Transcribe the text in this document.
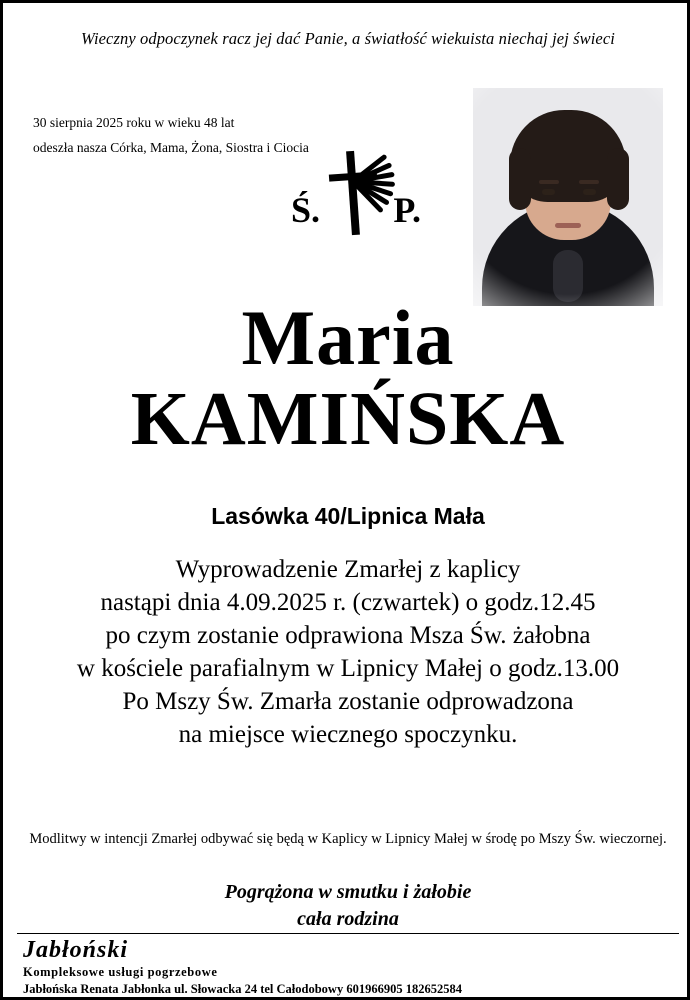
Wieczny odpoczynek racz jej dać Panie, a światłość wiekuista niechaj jej świeci
30 sierpnia 2025 roku w wieku 48 lat
odeszła nasza Córka, Mama, Żona, Siostra i Ciocia
Ś. P.
Maria
KAMIŃSKA
Lasówka 40/Lipnica Mała
Wyprowadzenie Zmarłej z kaplicy
nastąpi dnia 4.09.2025 r. (czwartek) o godz.12.45
po czym zostanie odprawiona Msza Św. żałobna
w kościele parafialnym w Lipnicy Małej o godz.13.00
Po Mszy Św. Zmarła zostanie odprowadzona
na miejsce wiecznego spoczynku.
Modlitwy w intencji Zmarłej odbywać się będą w Kaplicy w Lipnicy Małej w środę po Mszy Św. wieczornej.
Pogrążona w smutku i żałobie
cała rodzina
Jabłoński
Kompleksowe usługi pogrzebowe
Jabłońska Renata Jabłonka ul. Słowacka 24 tel Całodobowy 601966905 182652584
